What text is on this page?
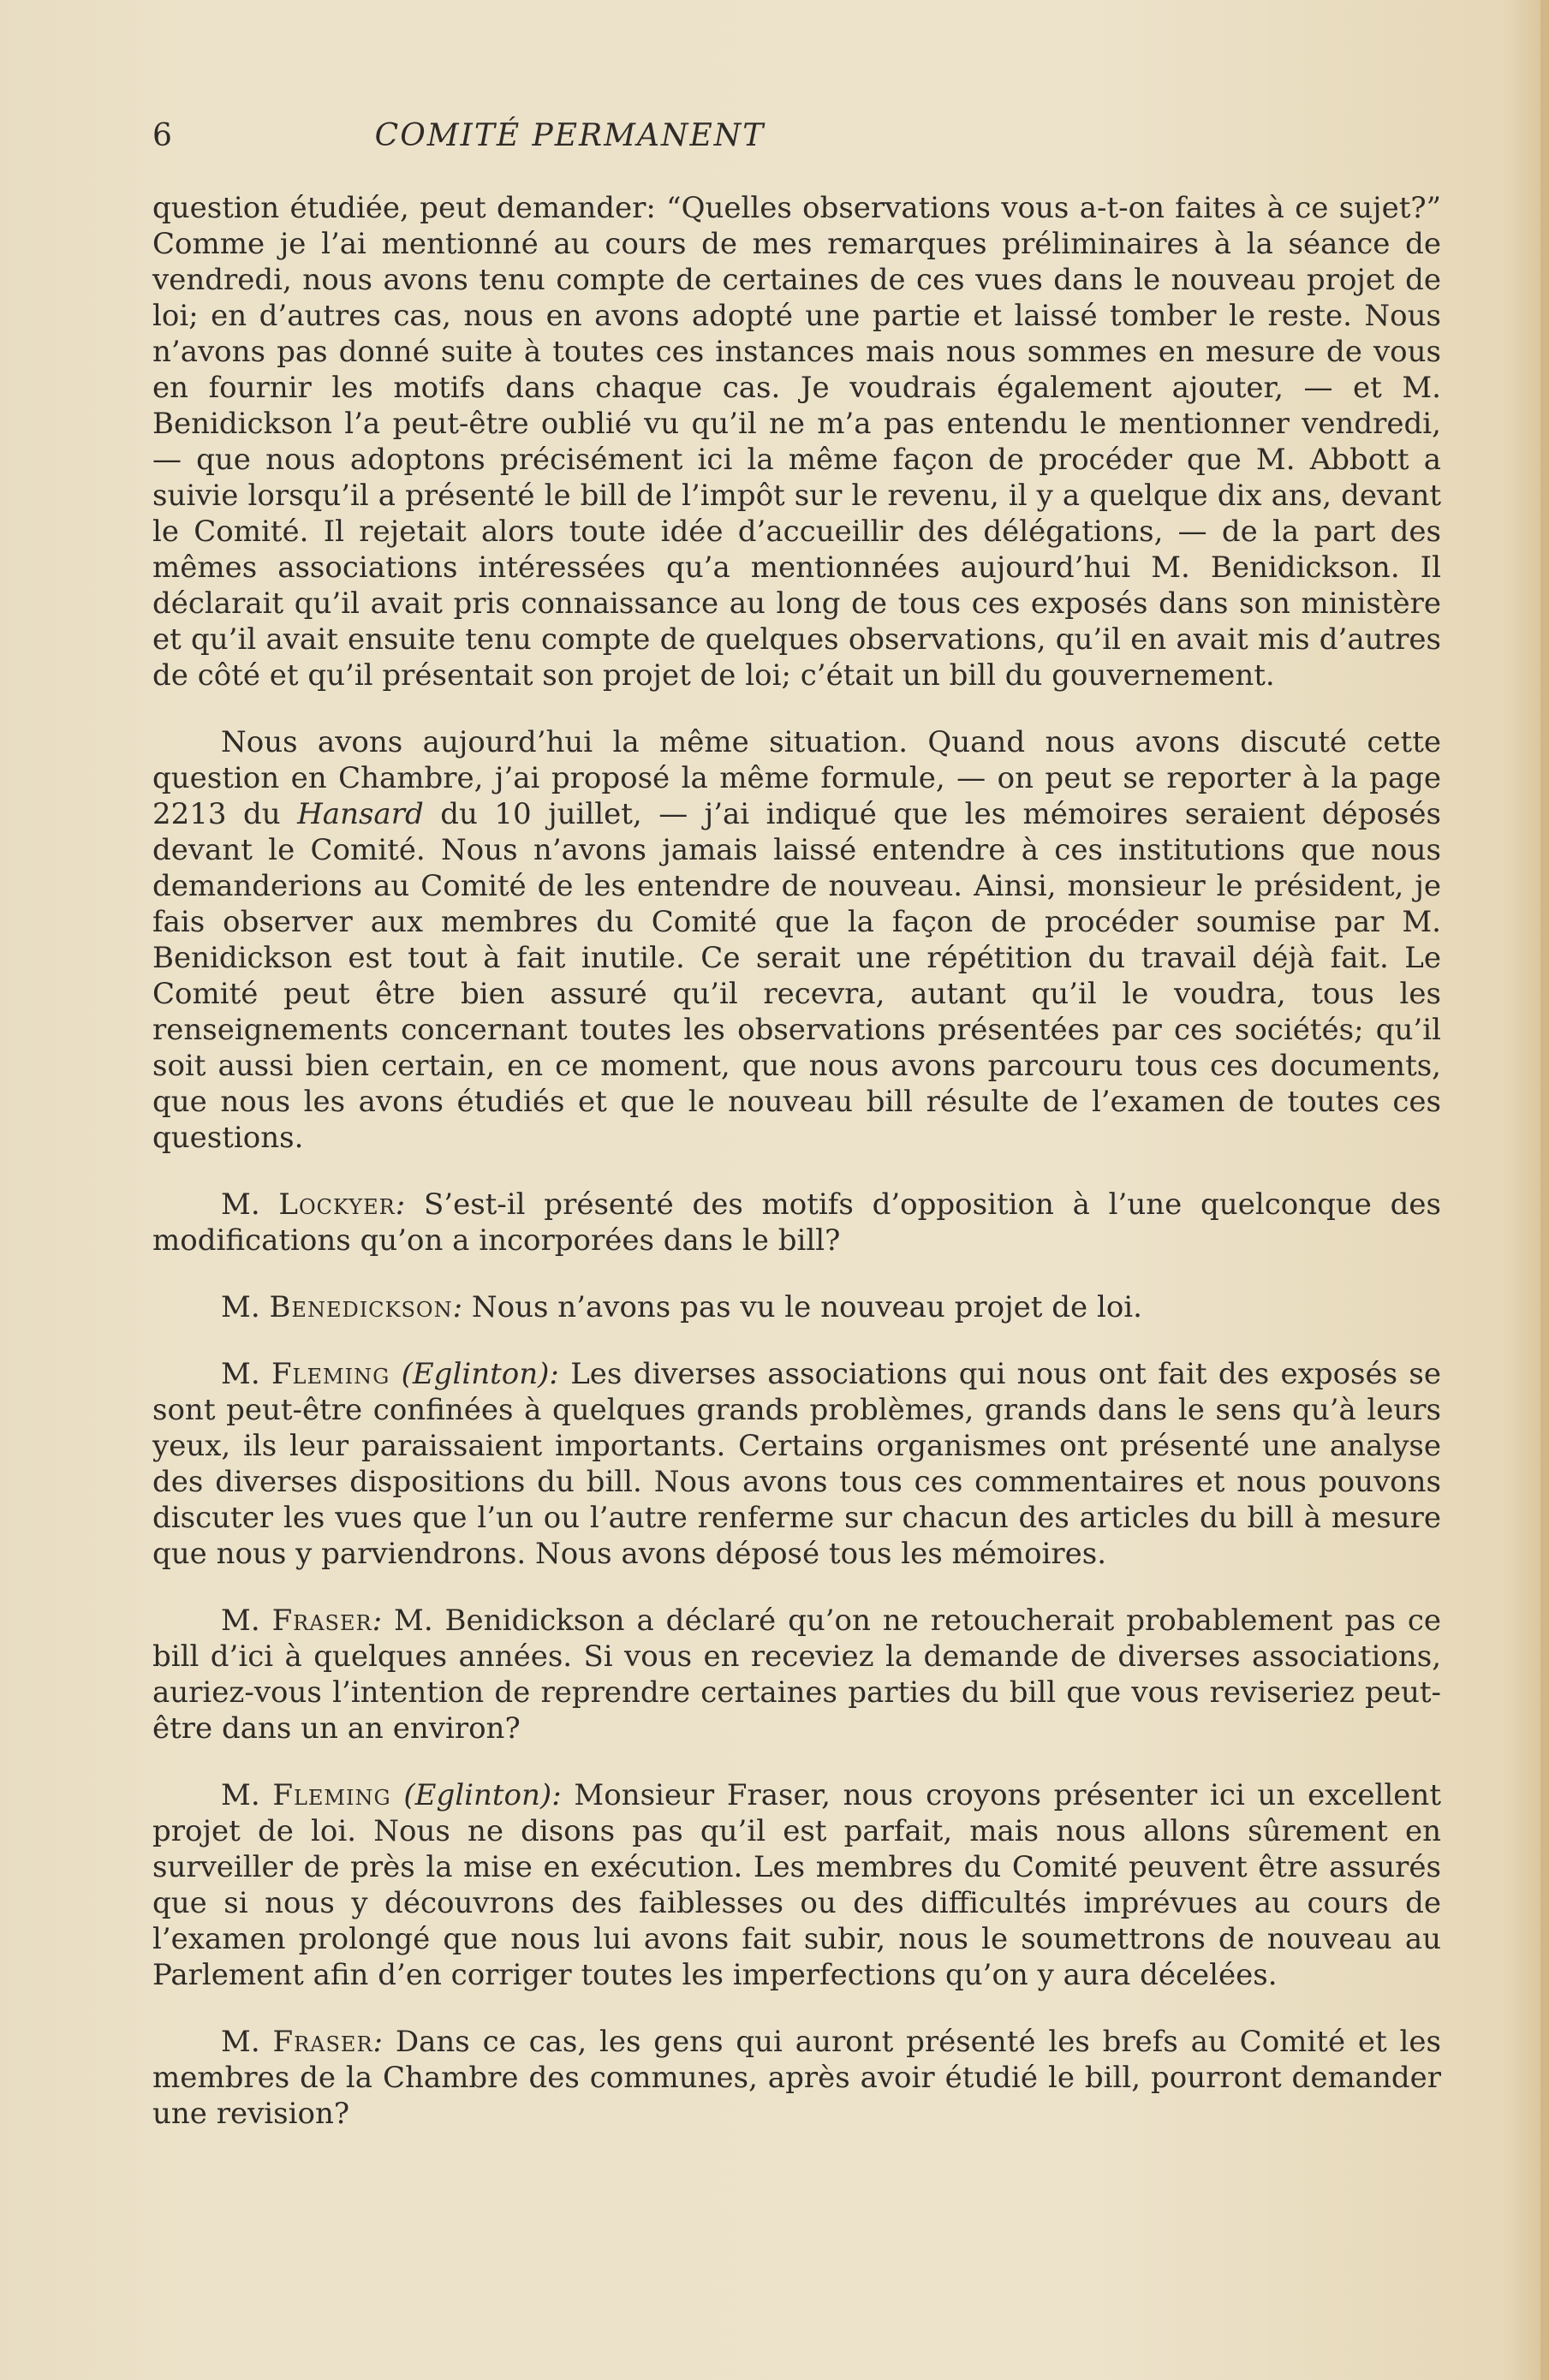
6	COMITÉ PERMANENT

question étudiée, peut demander: “Quelles observations vous a-t-on faites à ce sujet?” Comme je l’ai mentionné au cours de mes remarques préliminaires à la séance de vendredi, nous avons tenu compte de certaines de ces vues dans le nouveau projet de loi; en d’autres cas, nous en avons adopté une partie et laissé tomber le reste. Nous n’avons pas donné suite à toutes ces instances mais nous sommes en mesure de vous en fournir les motifs dans chaque cas. Je voudrais également ajouter, — et M. Benidickson l’a peut-être oublié vu qu’il ne m’a pas entendu le mentionner vendredi, — que nous adoptons précisément ici la même façon de procéder que M. Abbott a suivie lorsqu’il a présenté le bill de l’impôt sur le revenu, il y a quelque dix ans, devant le Comité. Il rejetait alors toute idée d’accueillir des délégations, — de la part des mêmes associations intéressées qu’a mentionnées aujourd’hui M. Benidickson. Il déclarait qu’il avait pris connaissance au long de tous ces exposés dans son ministère et qu’il avait ensuite tenu compte de quelques observations, qu’il en avait mis d’autres de côté et qu’il présentait son projet de loi; c’était un bill du gouvernement.

Nous avons aujourd’hui la même situation. Quand nous avons discuté cette question en Chambre, j’ai proposé la même formule, — on peut se reporter à la page 2213 du Hansard du 10 juillet, — j’ai indiqué que les mémoires seraient déposés devant le Comité. Nous n’avons jamais laissé entendre à ces institutions que nous demanderions au Comité de les entendre de nouveau. Ainsi, monsieur le président, je fais observer aux membres du Comité que la façon de procéder soumise par M. Benidickson est tout à fait inutile. Ce serait une répétition du travail déjà fait. Le Comité peut être bien assuré qu’il recevra, autant qu’il le voudra, tous les renseignements concernant toutes les observations présentées par ces sociétés; qu’il soit aussi bien certain, en ce moment, que nous avons parcouru tous ces documents, que nous les avons étudiés et que le nouveau bill résulte de l’examen de toutes ces questions.

M. Lockyer: S’est-il présenté des motifs d’opposition à l’une quelconque des modifications qu’on a incorporées dans le bill?

M. Benedickson: Nous n’avons pas vu le nouveau projet de loi.

M. Fleming (Eglinton): Les diverses associations qui nous ont fait des exposés se sont peut-être confinées à quelques grands problèmes, grands dans le sens qu’à leurs yeux, ils leur paraissaient importants. Certains organismes ont présenté une analyse des diverses dispositions du bill. Nous avons tous ces commentaires et nous pouvons discuter les vues que l’un ou l’autre renferme sur chacun des articles du bill à mesure que nous y parviendrons. Nous avons déposé tous les mémoires.

M. Fraser: M. Benidickson a déclaré qu’on ne retoucherait probablement pas ce bill d’ici à quelques années. Si vous en receviez la demande de diverses associations, auriez-vous l’intention de reprendre certaines parties du bill que vous reviseriez peut-être dans un an environ?

M. Fleming (Eglinton): Monsieur Fraser, nous croyons présenter ici un excellent projet de loi. Nous ne disons pas qu’il est parfait, mais nous allons sûrement en surveiller de près la mise en exécution. Les membres du Comité peuvent être assurés que si nous y découvrons des faiblesses ou des difficultés imprévues au cours de l’examen prolongé que nous lui avons fait subir, nous le soumettrons de nouveau au Parlement afin d’en corriger toutes les imperfections qu’on y aura décelées.

M. Fraser: Dans ce cas, les gens qui auront présenté les brefs au Comité et les membres de la Chambre des communes, après avoir étudié le bill, pourront demander une revision?
